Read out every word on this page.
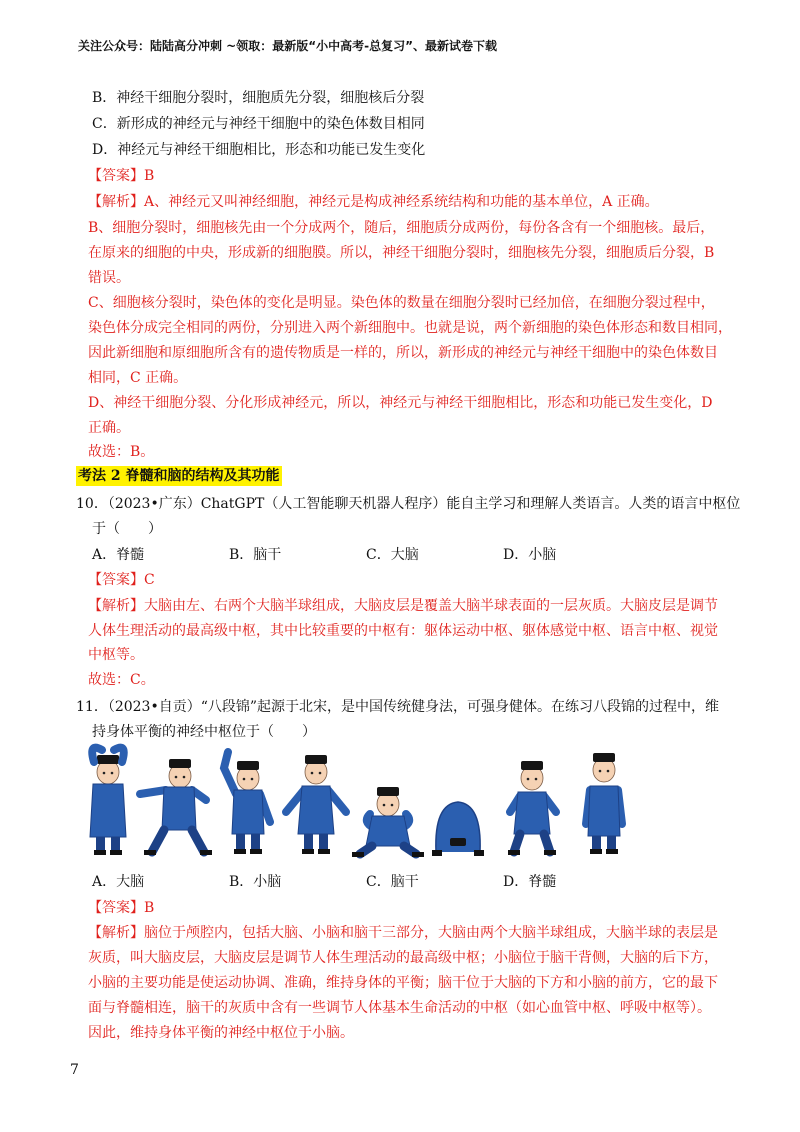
关注公众号：陆陆高分冲刺 ~领取：最新版“小中高考-总复习”、最新试卷下载
B．神经干细胞分裂时，细胞质先分裂，细胞核后分裂
C．新形成的神经元与神经干细胞中的染色体数目相同
D．神经元与神经干细胞相比，形态和功能已发生变化
【答案】B
【解析】A、神经元又叫神经细胞，神经元是构成神经系统结构和功能的基本单位，A 正确。
B、细胞分裂时，细胞核先由一个分成两个，随后，细胞质分成两份，每份各含有一个细胞核。最后，
在原来的细胞的中央，形成新的细胞膜。所以，神经干细胞分裂时，细胞核先分裂，细胞质后分裂，B
错误。
C、细胞核分裂时，染色体的变化是明显。染色体的数量在细胞分裂时已经加倍，在细胞分裂过程中，
染色体分成完全相同的两份，分别进入两个新细胞中。也就是说，两个新细胞的染色体形态和数目相同，
因此新细胞和原细胞所含有的遗传物质是一样的，所以，新形成的神经元与神经干细胞中的染色体数目
相同，C 正确。
D、神经干细胞分裂、分化形成神经元，所以，神经元与神经干细胞相比，形态和功能已发生变化，D
正确。
故选：B。
考法 2 脊髓和脑的结构及其功能
10．（2023•广东）ChatGPT（人工智能聊天机器人程序）能自主学习和理解人类语言。人类的语言中枢位
于（　　）
A．脊髓	B．脑干	C．大脑	D．小脑
【答案】C
【解析】大脑由左、右两个大脑半球组成，大脑皮层是覆盖大脑半球表面的一层灰质。大脑皮层是调节
人体生理活动的最高级中枢，其中比较重要的中枢有：躯体运动中枢、躯体感觉中枢、语言中枢、视觉
中枢等。
故选：C。
11．（2023•自贡）“八段锦”起源于北宋，是中国传统健身法，可强身健体。在练习八段锦的过程中，维
持身体平衡的神经中枢位于（　　）
A．大脑	B．小脑	C．脑干	D．脊髓
【答案】B
【解析】脑位于颅腔内，包括大脑、小脑和脑干三部分，大脑由两个大脑半球组成，大脑半球的表层是
灰质，叫大脑皮层，大脑皮层是调节人体生理活动的最高级中枢；小脑位于脑干背侧，大脑的后下方，
小脑的主要功能是使运动协调、准确，维持身体的平衡；脑干位于大脑的下方和小脑的前方，它的最下
面与脊髓相连，脑干的灰质中含有一些调节人体基本生命活动的中枢（如心血管中枢、呼吸中枢等）。
因此，维持身体平衡的神经中枢位于小脑。
7
